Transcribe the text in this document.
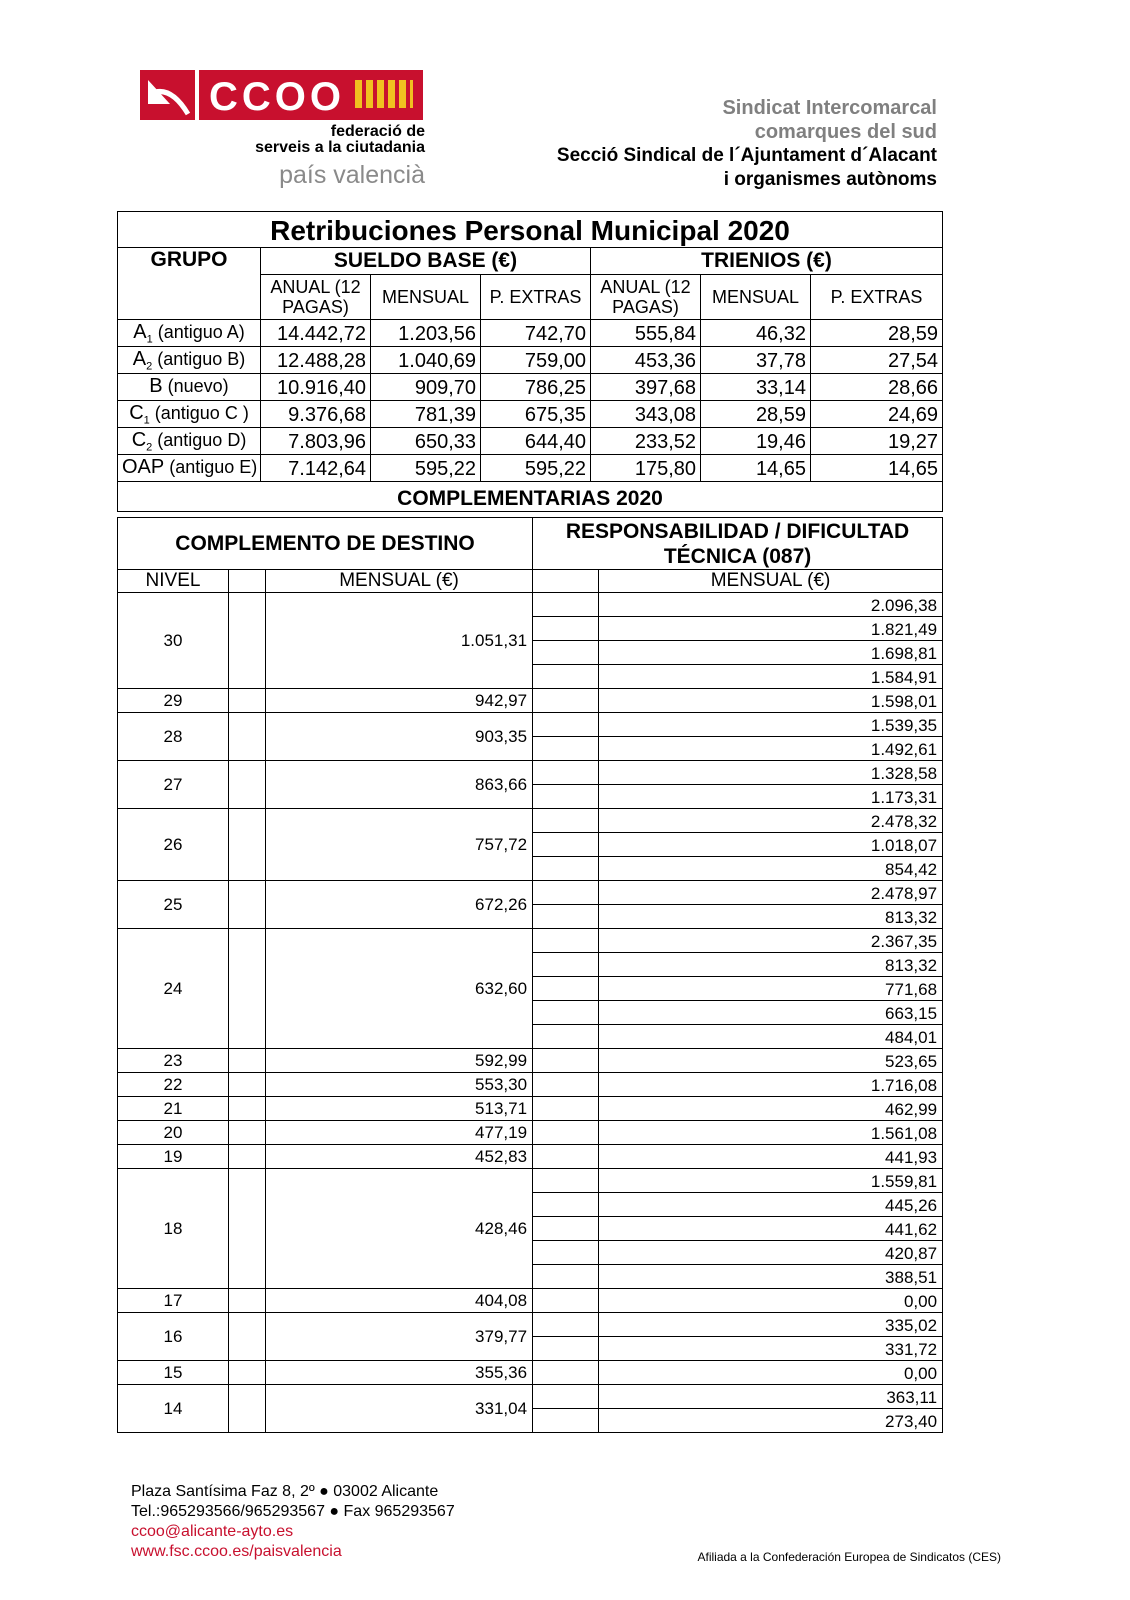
CCOO
federació de
serveis a la ciutadania
país valencià
Sindicat Intercomarcal
comarques del sud
Secció Sindical de l´Ajuntament d´Alacant
i organismes autònoms
Retribuciones Personal Municipal 2020						
GRUPO	SUELDO BASE (€)			TRIENIOS (€)		
	ANUAL (12 PAGAS)	MENSUAL	P. EXTRAS	ANUAL (12 PAGAS)	MENSUAL	P. EXTRAS
$A_1$ (antiguo A)	14.442,72	1.203,56	742,70	555,84	46,32	28,59
$A_2$ (antiguo B)	12.488,28	1.040,69	759,00	453,36	37,78	27,54
B (nuevo)	10.916,40	909,70	786,25	397,68	33,14	28,66
$C_1$ (antiguo C )	9.376,68	781,39	675,35	343,08	28,59	24,69
$C_2$ (antiguo D)	7.803,96	650,33	644,40	233,52	19,46	19,27
OAP (antiguo E)	7.142,64	595,22	595,22	175,80	14,65	14,65
COMPLEMENTARIAS 2020						
COMPLEMENTO DE DESTINO			RESPONSABILIDAD / DIFICULTAD TÉCNICA (087)	
NIVEL		MENSUAL (€)		MENSUAL (€)
30		1.051,31		2.096,38
				1.821,49
				1.698,81
				1.584,91
29		942,97		1.598,01
28		903,35		1.539,35
				1.492,61
27		863,66		1.328,58
				1.173,31
26		757,72		2.478,32
				1.018,07
				854,42
25		672,26		2.478,97
				813,32
24		632,60		2.367,35
				813,32
				771,68
				663,15
				484,01
23		592,99		523,65
22		553,30		1.716,08
21		513,71		462,99
20		477,19		1.561,08
19		452,83		441,93
18		428,46		1.559,81
				445,26
				441,62
				420,87
				388,51
17		404,08		0,00
16		379,77		335,02
				331,72
15		355,36		0,00
14		331,04		363,11
				273,40
Plaza Santísima Faz 8, 2º ● 03002 Alicante
Tel.:965293566/965293567 ● Fax 965293567
ccoo@alicante-ayto.es
www.fsc.ccoo.es/paisvalencia	Afiliada a la Confederación Europea de Sindicatos (CES)
